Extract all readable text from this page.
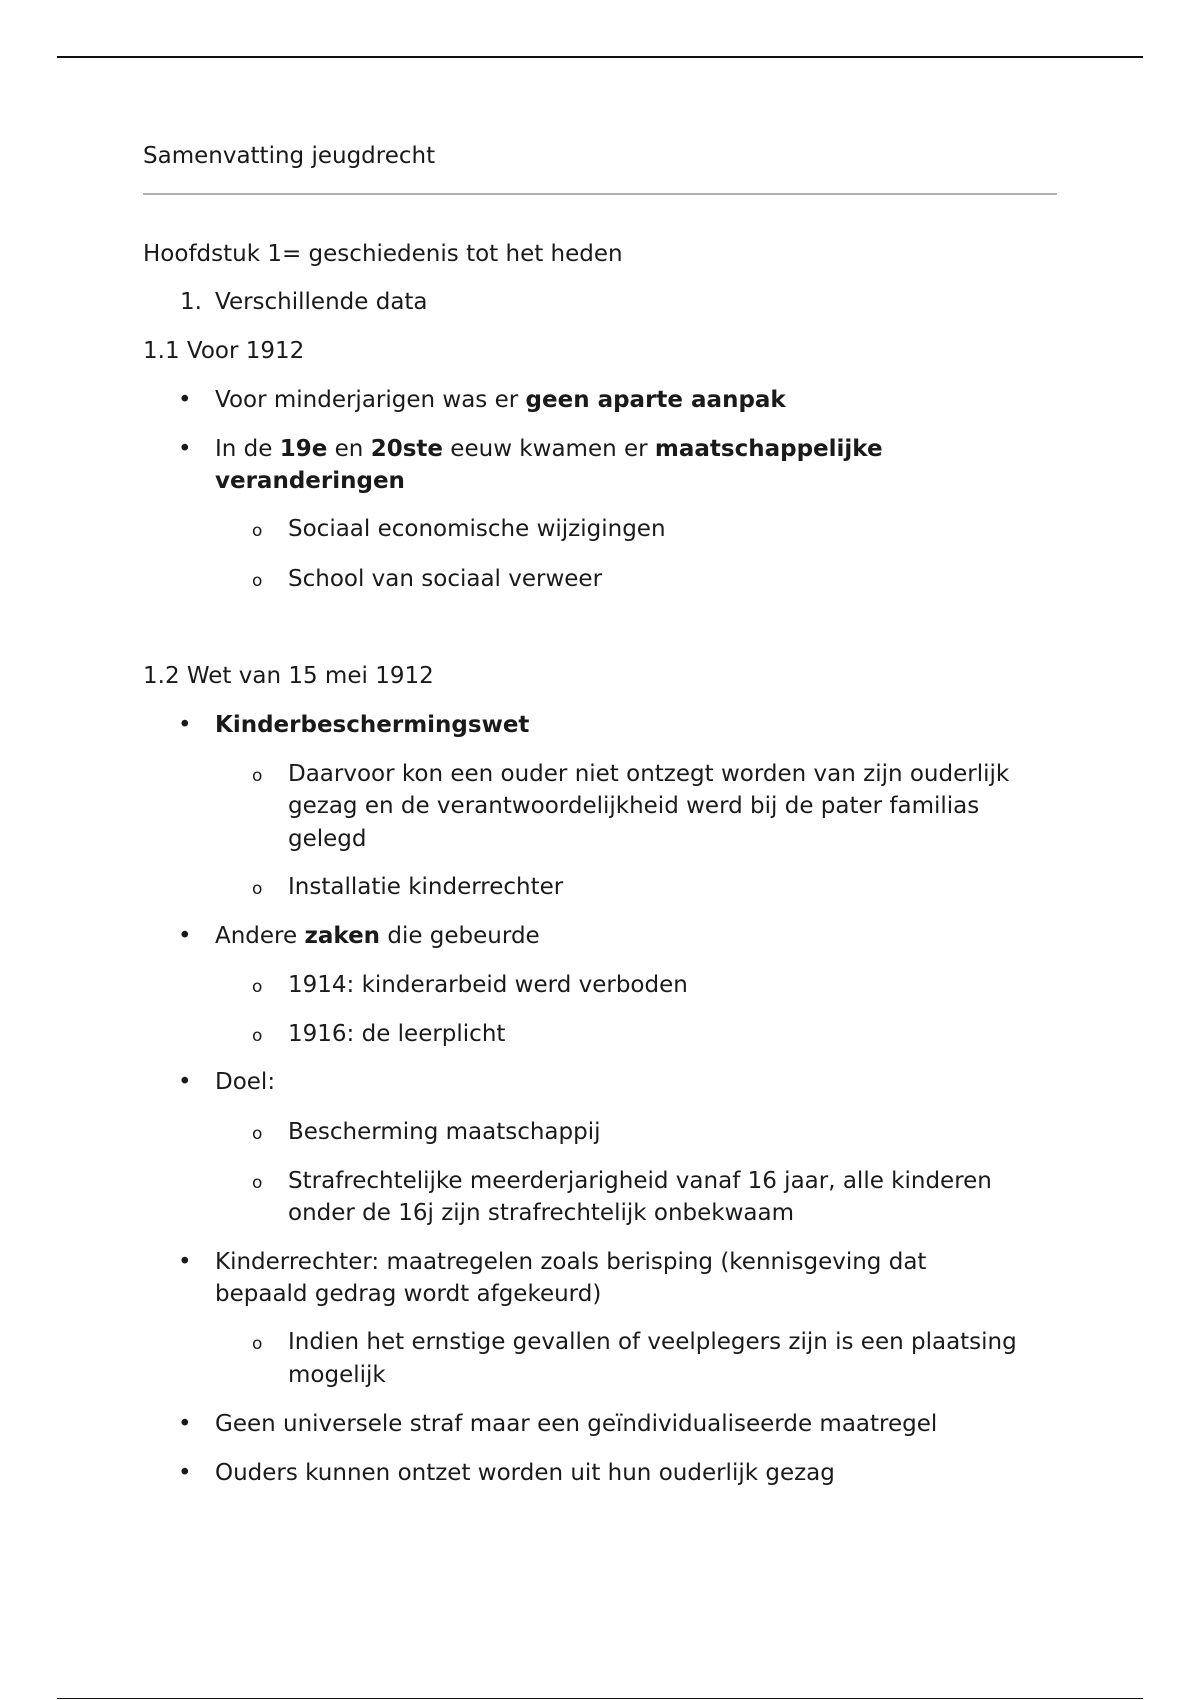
Samenvatting jeugdrecht
Hoofdstuk 1= geschiedenis tot het heden
1. Verschillende data
1.1 Voor 1912
• Voor minderjarigen was er geen aparte aanpak
• In de 19e en 20ste eeuw kwamen er maatschappelijke
veranderingen
o Sociaal economische wijzigingen
o School van sociaal verweer
1.2 Wet van 15 mei 1912
• Kinderbeschermingswet
o Daarvoor kon een ouder niet ontzegt worden van zijn ouderlijk
gezag en de verantwoordelijkheid werd bij de pater familias
gelegd
o Installatie kinderrechter
• Andere zaken die gebeurde
o 1914: kinderarbeid werd verboden
o 1916: de leerplicht
• Doel:
o Bescherming maatschappij
o Strafrechtelijke meerderjarigheid vanaf 16 jaar, alle kinderen
onder de 16j zijn strafrechtelijk onbekwaam
• Kinderrechter: maatregelen zoals berisping (kennisgeving dat
bepaald gedrag wordt afgekeurd)
o Indien het ernstige gevallen of veelplegers zijn is een plaatsing
mogelijk
• Geen universele straf maar een geïndividualiseerde maatregel
• Ouders kunnen ontzet worden uit hun ouderlijk gezag
